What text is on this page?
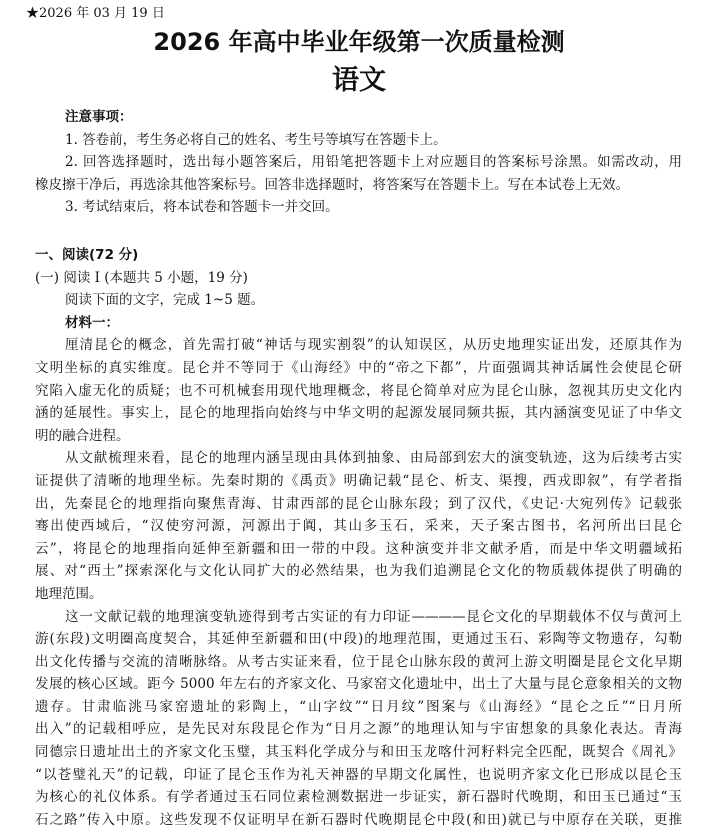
★2026 年 03 月 19 日
2026 年高中毕业年级第一次质量检测
语文
注意事项：
1. 答卷前，考生务必将自己的姓名、考生号等填写在答题卡上。
2. 回答选择题时，选出每小题答案后，用铅笔把答题卡上对应题目的答案标号涂黑。如需改动，用
橡皮擦干净后，再选涂其他答案标号。回答非选择题时，将答案写在答题卡上。写在本试卷上无效。
3. 考试结束后，将本试卷和答题卡一并交回。
一、阅读(72 分)
(一) 阅读 I (本题共 5 小题，19 分)
阅读下面的文字，完成 1~5 题。
材料一：
厘清昆仑的概念，首先需打破“神话与现实割裂”的认知误区，从历史地理实证出发，还原其作为
文明坐标的真实维度。昆仑并不等同于《山海经》中的“帝之下都”，片面强调其神话属性会使昆仑研
究陷入虚无化的质疑；也不可机械套用现代地理概念，将昆仑简单对应为昆仑山脉，忽视其历史文化内
涵的延展性。事实上，昆仑的地理指向始终与中华文明的起源发展同频共振，其内涵演变见证了中华文
明的融合进程。
从文献梳理来看，昆仑的地理内涵呈现由具体到抽象、由局部到宏大的演变轨迹，这为后续考古实
证提供了清晰的地理坐标。先秦时期的《禹贡》明确记载“昆仑、析支、渠搜，西戎即叙”，有学者指
出，先秦昆仑的地理指向聚焦青海、甘肃西部的昆仑山脉东段；到了汉代，《史记·大宛列传》记载张
骞出使西域后，“汉使穷河源，河源出于阗，其山多玉石，采来，天子案古图书，名河所出曰昆仑
云”，将昆仑的地理指向延伸至新疆和田一带的中段。这种演变并非文献矛盾，而是中华文明疆域拓
展、对“西土”探索深化与文化认同扩大的必然结果，也为我们追溯昆仑文化的物质载体提供了明确的
地理范围。
这一文献记载的地理演变轨迹得到考古实证的有力印证————昆仑文化的早期载体不仅与黄河上
游(东段)文明圈高度契合，其延伸至新疆和田(中段)的地理范围，更通过玉石、彩陶等文物遗存，勾勒
出文化传播与交流的清晰脉络。从考古实证来看，位于昆仑山脉东段的黄河上游文明圈是昆仑文化早期
发展的核心区域。距今 5000 年左右的齐家文化、马家窑文化遗址中，出土了大量与昆仑意象相关的文物
遗存。甘肃临洮马家窑遗址的彩陶上，“山字纹”“日月纹”图案与《山海经》“昆仑之丘”“日月所
出入”的记载相呼应，是先民对东段昆仑作为“日月之源”的地理认知与宇宙想象的具象化表达。青海
同德宗日遗址出土的齐家文化玉璧，其玉料化学成分与和田玉龙喀什河籽料完全匹配，既契合《周礼》
“以苍璧礼天”的记载，印证了昆仑玉作为礼天神器的早期文化属性，也说明齐家文化已形成以昆仑玉
为核心的礼仪体系。有学者通过玉石同位素检测数据进一步证实，新石器时代晚期，和田玉已通过“玉
石之路”传入中原。这些发现不仅证明早在新石器时代晚期昆仑中段(和田)就已与中原存在关联，更推
